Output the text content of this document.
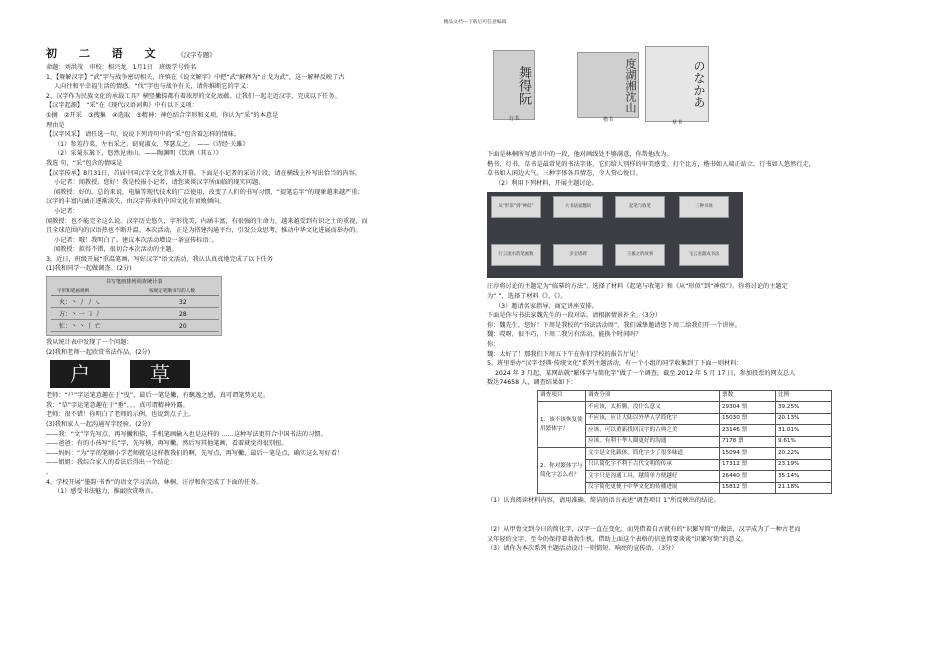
精品文档---下载后可任意编辑
初 二 语 文 《汉字专题》
命题：刘洪茂　审校：相兴龙　1月1日　班级学号姓名
1、【舞解汉字】“武”字与战争密切相关，许慎在《说文解字》中把“武”解释为“止戈为武”，这一解释反映了古
人向往和平幸福生活的情感。“伐”字也与战争有关，请你推断它的字义：
2、汉字作为民族文化的承载工具？横竖撇捺都有着浓厚的文化底蕴。让我们一起走近汉字，完成以下任务。
【汉字起源】　“采”在《现代汉语词典》中有以下义项：
①摘　②开采　③搜集　④选取　⑤精神：神色结合字形和义项，你认为“采”的本意是
理由是
【汉字风采】 请任选一句，说说下列诗句中的“采”包含着怎样的情味。
（1）参差荇菜，左右采之。窈窕淑女，琴瑟友之。　——《诗经·关雎》
（2）采菊东篱下，悠然见南山。——陶渊明《饮酒（其五）》
我选 句，“采”包含的情味是
【汉字传承】8月31日，首届中国汉字文化节盛大开幕。下面是小记者的采访片段，请在横线上补写出恰当的内容。
小记者：闻教授，您好！我是校报小记者，请您谈谈汉字所面临的现实问题。
闻教授：好的。总的来说，电脑等现代技术的广泛使用，改变了人们的书写习惯，“提笔忘字”的现象越来越严重；
汉字的丰富内涵正逐渐淡失，由汉字传承的中国文化有衰败倾向。
小记者：
闻教授：也不能完全这么说。汉字历史悠久，字形优美，内涵丰富，有很强的生命力，越来越受到有识之士的重视，而
且全球范围内的汉语热也不断升温。本次活动，正是为搭建沟通平台，引发公众思考，推动中华文化进展而举办的。
小记者：哦！我明白了。建议本次活动增设一条宣传标语：。
闻教授：拟得不错，很切合本次活动的主题。
3、近日，班级开展“重温笔画，写好汉字”语文活动，我认认真真地完成了以下任务
(1)我和同学一起做调查。(2分)
书写笔画排列调查统计表
字形和笔画规则	按规定笔顺书写的人数
火：丶 丿 丿 ㇏	32
方：丶 一 ㇆ 丿	28
忙：丶 丶 丨 亡	20
我从统计表中发现了一个问题：
(2)我和老师一起欣赏书法作品。(2分)
户	草
老师：“户”字运笔意趣在于“曳”，最后一笔是撇，有飘逸之感，真可谓笔势足足。
我：“草”字运笔意趣在于“垂”，，，真可谓精神外露。
老师：很不错！你明白了老师的示例，也说到点子上。
(3)我和家人一起沟通写字经验。(2分)
——我：“文”字先写点，再写撇和捺，手机笔画输入也是这样的 ……这种写法更符合中国书法的习惯。
——爸爸：有的小孩写“长”字，先写横，再写撇，然后写其他笔画，看着就觉得很别扭。
——妈妈：“为”字的笔顺小学老师就是这样教我们的啊，先写点，再写撇，最后一笔是点，确实这么写好看！
——姐姐：我综合家人的看法后得出一个结论：
。
4、学校开展“墨韵·书香”的语文学习活动，林桐、汪淳和你完成了下面的任务。
（1）感受书法魅力，推敲欣赏啥言。
舞得阮
行书
度湖湘沈山
楷书
のなかあ
草书
下面是林桐所写感言中的一段，他对画线处不够满意，你帮他改为。
楷书，行书，草书是最常见的书法字体，它们给人别样的审美感受。打个比方，楷书如人端正站立，行书如人悠然行走，
草书如人闲边大气。三种字体各具情态，令人赏心悦目。
（2）利用下列材料，开展主题讨论。
从“形似”到“神似”	大书法家翻故	起笔与收笔	三种书体
行云流水的笔画数	多宝塔碑	王羲之的故事	飞云龙器成书法
汪淳将讨论的主题定为“临摹的方法”，选择了材料《起笔与收笔》和《从“形似”到“神似”》。你将讨论的主题定
为“ ”，选择了材料《》、《》。
（3）邀请名家指导，商定讲座安排。
下面是你与书法家魏先生的一段对话，请根据情景补全。（3分）
你：魏先生，您好！下周是我校的“书法活动周”，我们诚挚邀请您下周二给我们开一个讲座。
魏：哎呀，很不巧，下周二我另有活动，能换个时间吗？
你：
魏：太好了！那我们下周五下午在你们学校的报告厅见！
5、班里举办“汉字·经典·传统文化”系列主题活动，有一个小组的同学收集到了下面一则材料：
2024 年 3 月起，某网站就“繁体字与简化字”做了一个调查，截至 2012 年 5 月 17 日，参加投票的网友总人
数达74658 人，调查结果如下：
调查项目	调查分项	票数	比例
1．该不该恢复使用繁体字？	不应该，太折腾，没什么意义	29304 票	39.25%
	不应该，应让大陆以外华人学简化字	15030 票	20.13%
	应该，可以重新找回汉字的古典之美	23146 票	31.01%
	应该，有利于华人圈更好的沟通	7178 票	9.61%
2．你对繁体字与简化字怎么看？	文字是文化载体，简化字少了很多味道	15094 票	20.22%
	只认简化字不利于古代文明的传承	17312 票	23.19%
	文字只是沟通工具，越简单方便越好	26440 票	35.14%
	汉字简化更便于中华文化的传播进展	15812 票	21.18%
（1）认真阅读材料内容，请用准确、简洁的语言表述“调查项目 1”所反映出的结论。

（2）从甲骨文到今日的简化字，汉字一直在变化，而凭借着自古就有的“识繁写简”的做法，汉字成为了一种古老而
又年轻的文字，至今仍保持着勃勃生机。借助上面这个表格的信息简要谈谈“识繁写简”的意义。
（3）请你为本次系列主题活动设计一则简短、响亮的宣传语。（3分）
